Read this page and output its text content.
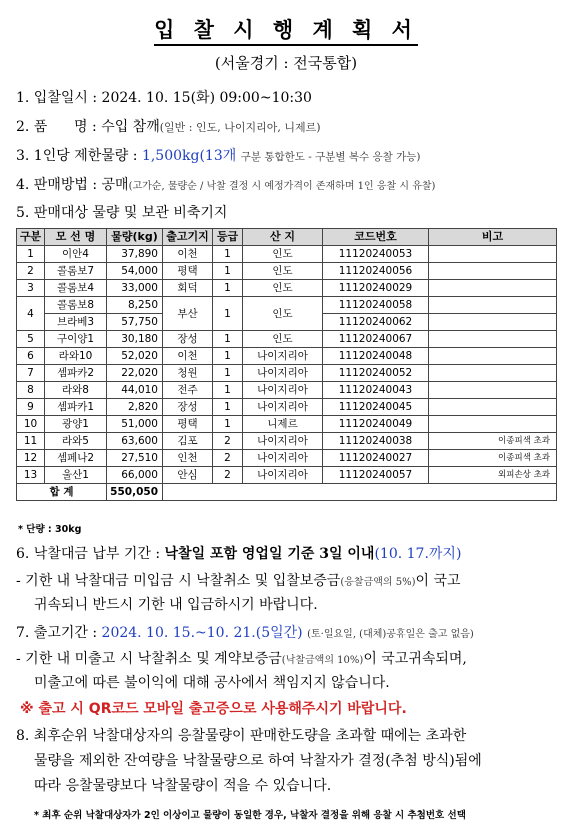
입 찰 시 행 계 획 서
(서울경기 : 전국통합)
1. 입찰일시 : 2024. 10. 15(화) 09:00~10:30
2. 품 명 : 수입 참깨(일반 : 인도, 나이지리아, 니제르)
3. 1인당 제한물량 : 1,500kg(13개 구분 통합한도 - 구분별 복수 응찰 가능)
4. 판매방법 : 공매(고가순, 물량순 / 낙찰 결정 시 예정가격이 존재하며 1인 응찰 시 유찰)
5. 판매대상 물량 및 보관 비축기지
구분	모 선 명	물량(kg)	출고기지	등급	산 지	코드번호	비고
1	이안4	37,890	이천	1	인도	11120240053	
2	콜롬보7	54,000	평택	1	인도	11120240056	
3	콜롬보4	33,000	회덕	1	인도	11120240029	
4	콜롬보8	8,250	부산	1	인도	11120240058	
	브라베3	57,750				11120240062	
5	구이양1	30,180	장성	1	인도	11120240067	
6	라와10	52,020	이천	1	나이지리아	11120240048	
7	셈파카2	22,020	청원	1	나이지리아	11120240052	
8	라와8	44,010	전주	1	나이지리아	11120240043	
9	셈파카1	2,820	장성	1	나이지리아	11120240045	
10	광양1	51,000	평택	1	니제르	11120240049	
11	라와5	63,600	김포	2	나이지리아	11120240038	이종피색 초과
12	셈페나2	27,510	인천	2	나이지리아	11120240027	이종피색 초과
13	울산1	66,000	안심	2	나이지리아	11120240057	외피손상 초과
합 계		550,050					
* 단량 : 30kg
6. 낙찰대금 납부 기간 : 낙찰일 포함 영업일 기준 3일 이내(10. 17.까지)
- 기한 내 낙찰대금 미입금 시 낙찰취소 및 입찰보증금(응찰금액의 5%)이 국고
귀속되니 반드시 기한 내 입금하시기 바랍니다.
7. 출고기간 : 2024. 10. 15.~10. 21.(5일간) (토·일요일, (대체)공휴일은 출고 없음)
- 기한 내 미출고 시 낙찰취소 및 계약보증금(낙찰금액의 10%)이 국고귀속되며,
미출고에 따른 불이익에 대해 공사에서 책임지지 않습니다.
※ 출고 시 QR코드 모바일 출고증으로 사용해주시기 바랍니다.
8. 최후순위 낙찰대상자의 응찰물량이 판매한도량을 초과할 때에는 초과한
물량을 제외한 잔여량을 낙찰물량으로 하여 낙찰자가 결정(추첨 방식)됨에
따라 응찰물량보다 낙찰물량이 적을 수 있습니다.
* 최후 순위 낙찰대상자가 2인 이상이고 물량이 동일한 경우, 낙찰자 결정을 위해 응찰 시 추첨번호 선택
